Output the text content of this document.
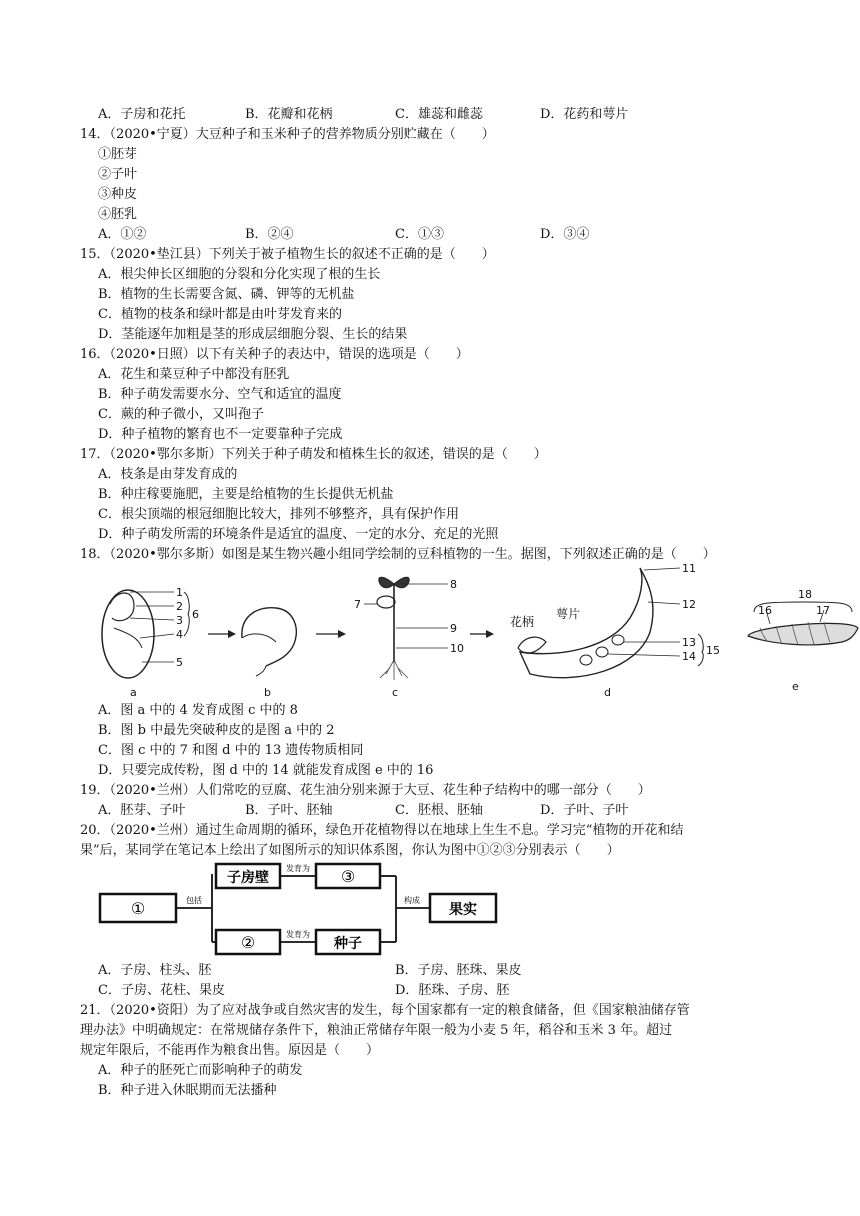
A．子房和花托	B．花瓣和花柄	C．雄蕊和雌蕊	D．花药和萼片
14．（2020•宁夏）大豆种子和玉米种子的营养物质分别贮藏在（　　）
①胚芽
②子叶
③种皮
④胚乳
A．①②	B．②④	C．①③	D．③④
15．（2020•垫江县）下列关于被子植物生长的叙述不正确的是（　　）
A．根尖伸长区细胞的分裂和分化实现了根的生长
B．植物的生长需要含氮、磷、钾等的无机盐
C．植物的枝条和绿叶都是由叶芽发育来的
D．茎能逐年加粗是茎的形成层细胞分裂、生长的结果
16．（2020•日照）以下有关种子的表达中，错误的选项是（　　）
A．花生和菜豆种子中都没有胚乳
B．种子萌发需要水分、空气和适宜的温度
C．蕨的种子微小，又叫孢子
D．种子植物的繁育也不一定要靠种子完成
17．（2020•鄂尔多斯）下列关于种子萌发和植株生长的叙述，错误的是（　　）
A．枝条是由芽发育成的
B．种庄稼要施肥，主要是给植物的生长提供无机盐
C．根尖顶端的根冠细胞比较大，排列不够整齐，具有保护作用
D．种子萌发所需的环境条件是适宜的温度、一定的水分、充足的光照
18．（2020•鄂尔多斯）如图是某生物兴趣小组同学绘制的豆科植物的一生。据图，下列叙述正确的是（　　）
1
2
3
4
5
6
a	b
8
7
9
10
c
11
12
13
14 15
花柄
萼片
d
18
16	17
e
A．图 a 中的 4 发育成图 c 中的 8
B．图 b 中最先突破种皮的是图 a 中的 2
C．图 c 中的 7 和图 d 中的 13 遗传物质相同
D．只要完成传粉，图 d 中的 14 就能发育成图 e 中的 16
19．（2020•兰州）人们常吃的豆腐、花生油分别来源于大豆、花生种子结构中的哪一部分（　　）
A．胚芽、子叶	B．子叶、胚轴	C．胚根、胚轴	D．子叶、子叶
20．（2020•兰州）通过生命周期的循环，绿色开花植物得以在地球上生生不息。学习完“植物的开花和结
果”后，某同学在笔记本上绘出了如图所示的知识体系图，你认为图中①②③分别表示（　　）
①	包括
子房壁
发育为 ③
②	发育为
种子
构成
果实
A．子房、柱头、胚	B．子房、胚珠、果皮
C．子房、花柱、果皮	D．胚珠、子房、胚
21．（2020•资阳）为了应对战争或自然灾害的发生，每个国家都有一定的粮食储备，但《国家粮油储存管
理办法》中明确规定：在常规储存条件下，粮油正常储存年限一般为小麦 5 年，稻谷和玉米 3 年。超过
规定年限后，不能再作为粮食出售。原因是（　　）
A．种子的胚死亡而影响种子的萌发
B．种子进入休眠期而无法播种
